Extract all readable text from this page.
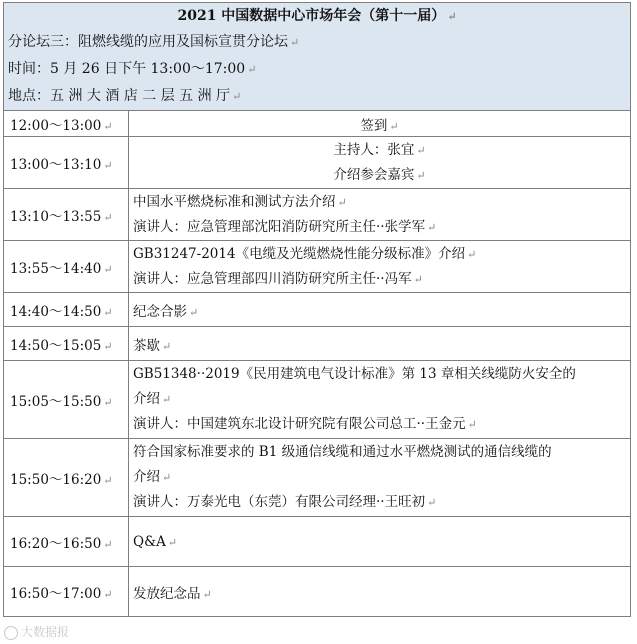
2021 中国数据中心市场年会（第十一届） ↵
分论坛三：阻燃线缆的应用及国标宣贯分论坛 ↵
时间：5 月 26 日下午 13:00～17:00 ↵
地点：五 洲 大 酒 店 二 层 五 洲 厅 ↵
12:00～13:00 ↵	签到 ↵
13:00～13:10 ↵	主持人：张宜 ↵
介绍参会嘉宾 ↵

13:10～13:55 ↵	中国水平燃烧标准和测试方法介绍 ↵
演讲人：应急管理部沈阳消防研究所主任··张学军 ↵

13:55～14:40 ↵	GB31247-2014《电缆及光缆燃烧性能分级标准》介绍 ↵
演讲人：应急管理部四川消防研究所主任··冯军 ↵

14:40～14:50 ↵	纪念合影 ↵
14:50～15:05 ↵	茶歇 ↵
15:05～15:50 ↵	GB51348··2019《民用建筑电气设计标准》第 13 章相关线缆防火安全的
介绍 ↵
演讲人：中国建筑东北设计研究院有限公司总工··王金元 ↵

15:50～16:20 ↵	符合国家标准要求的 B1 级通信线缆和通过水平燃烧测试的通信线缆的
介绍 ↵
演讲人：万泰光电（东莞）有限公司经理··王旺初 ↵

16:20～16:50 ↵	Q&A ↵
16:50～17:00 ↵	发放纪念品 ↵
大数据报
